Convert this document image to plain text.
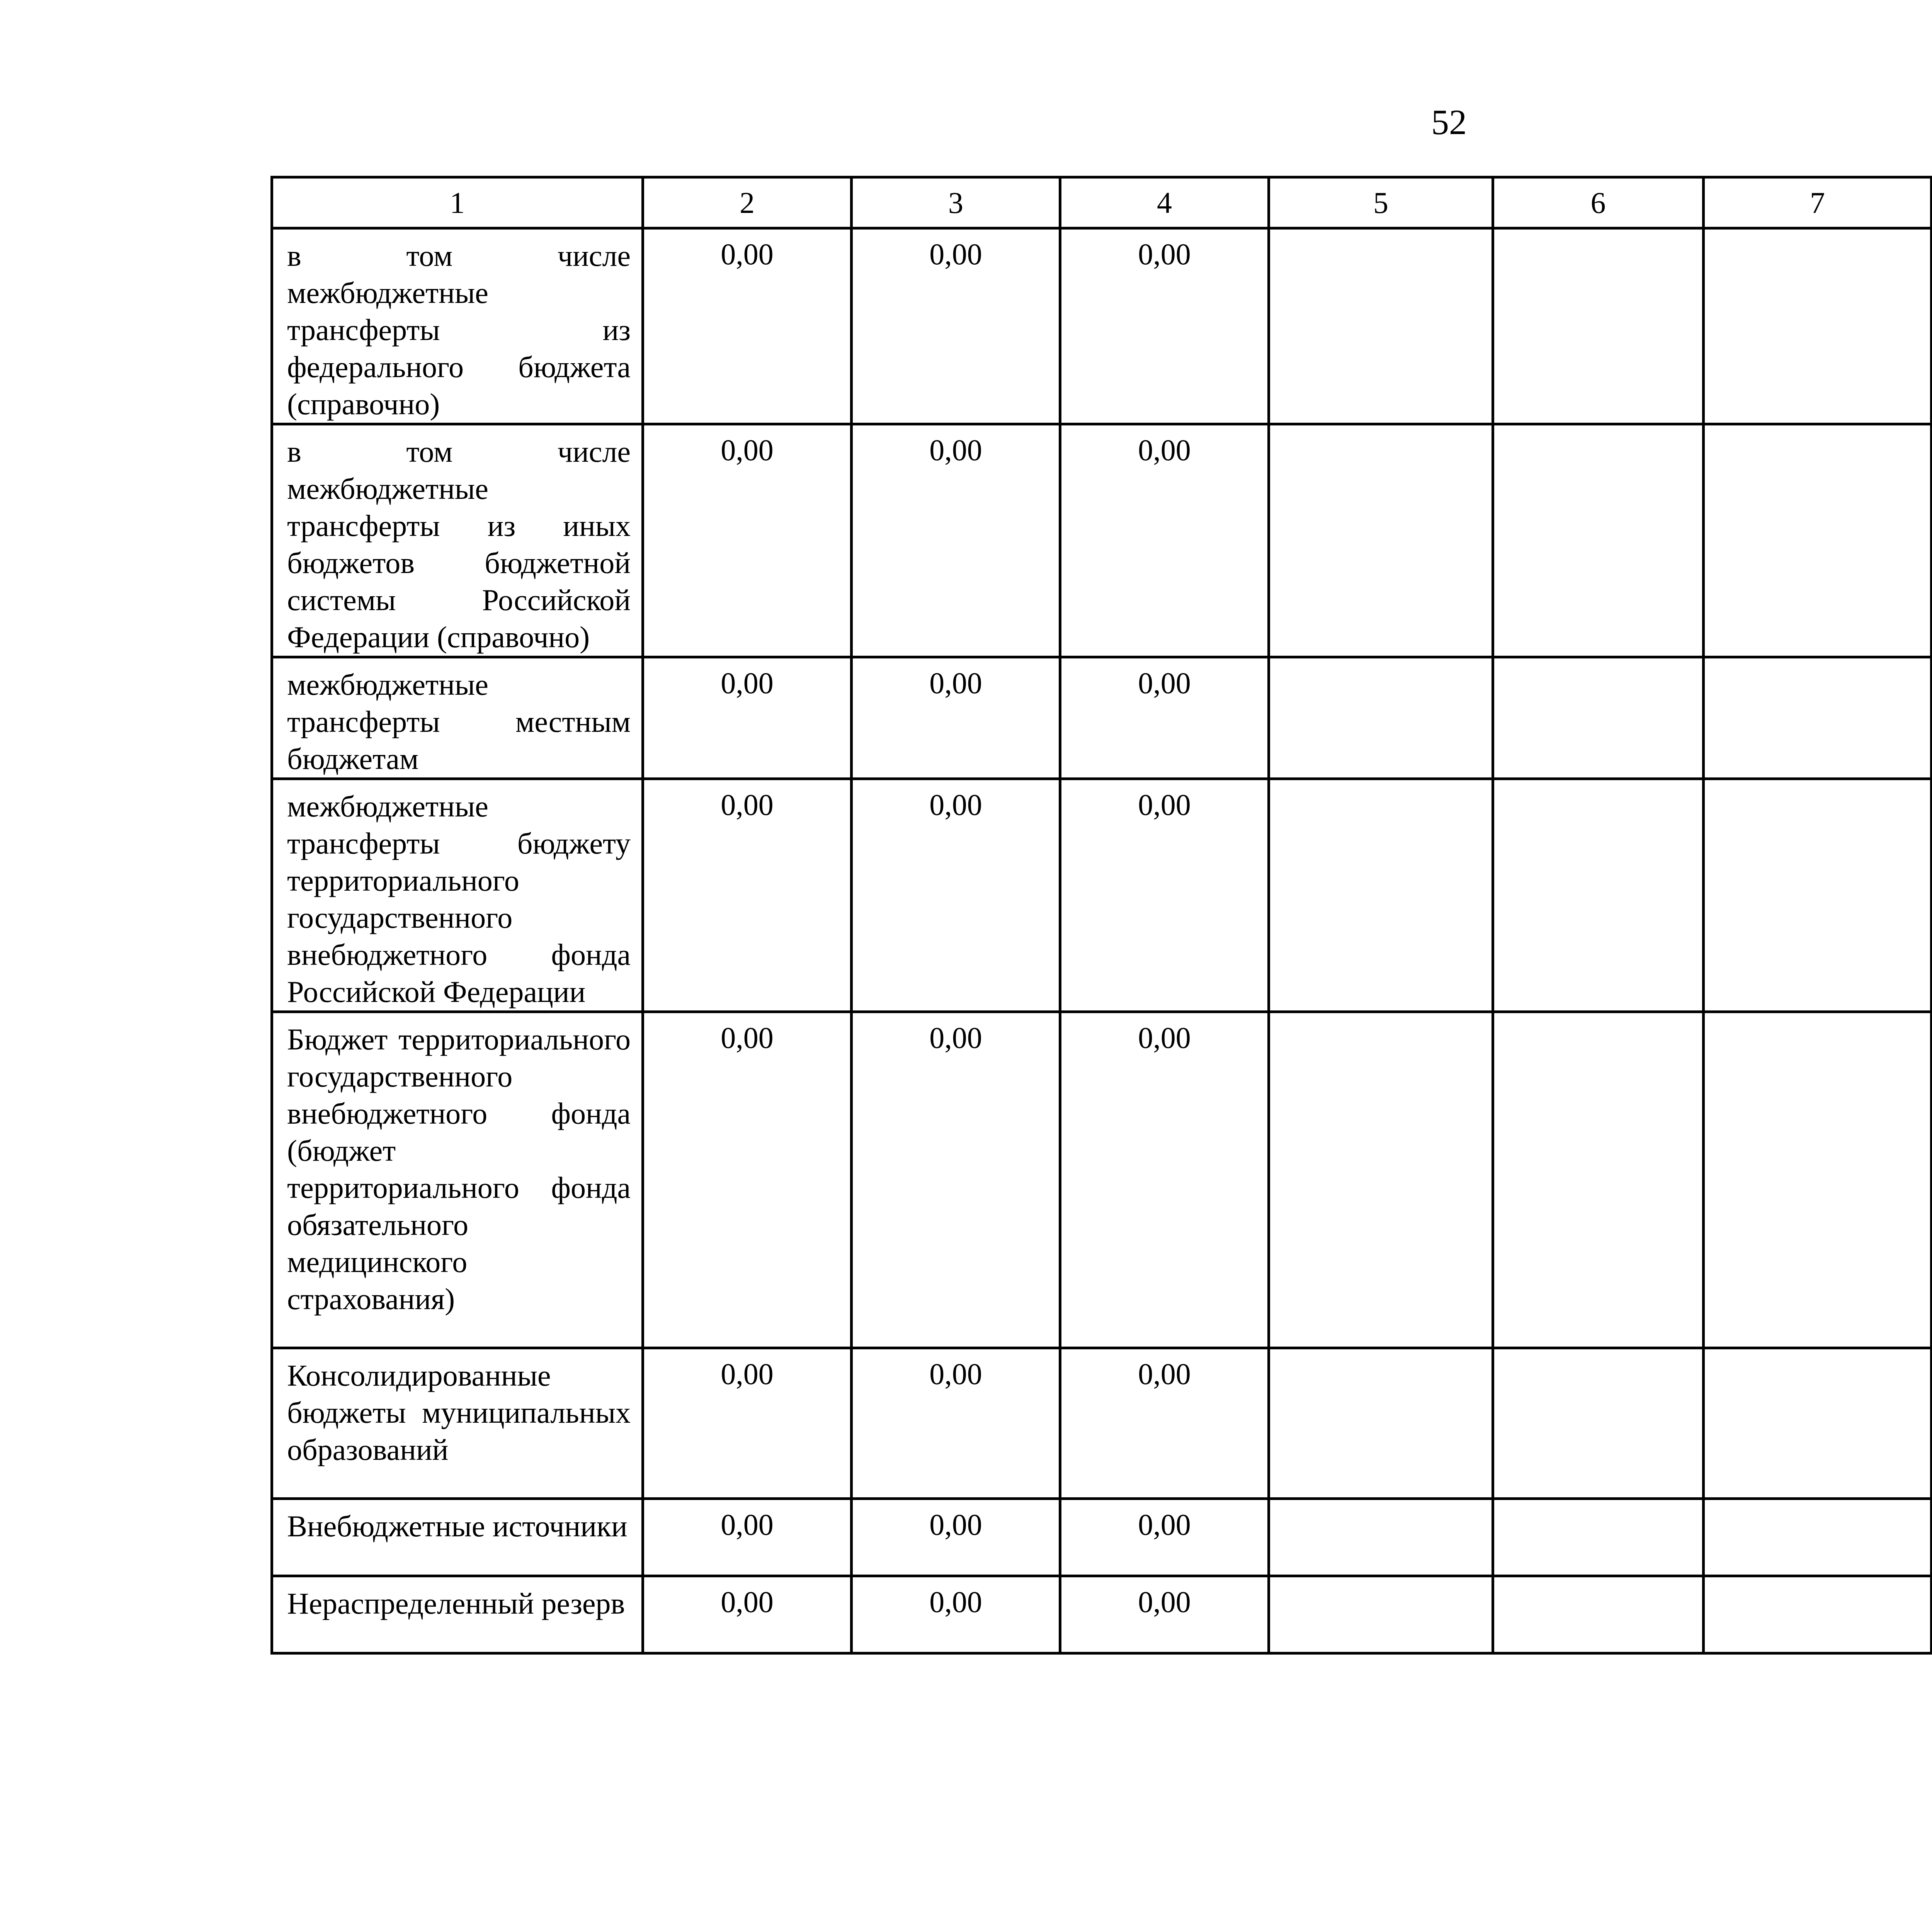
52
1	2	3	4	5	6	7		
в том числе межбюджетные трансферты из федерального бюджета (справочно)	0,00	0,00	0,00					
в том числе межбюджетные трансферты из иных бюджетов бюджетной системы Российской Федерации (справочно)	0,00	0,00	0,00					
межбюджетные трансферты местным бюджетам	0,00	0,00	0,00					
межбюджетные трансферты бюджету территориального государственного внебюджетного фонда Российской Федерации	0,00	0,00	0,00					
Бюджет территориального государственного внебюджетного фонда (бюджет территориального фонда обязательного медицинского страхования)	0,00	0,00	0,00					
Консолидированные бюджеты муниципальных образований	0,00	0,00	0,00					
Внебюджетные источники	0,00	0,00	0,00					
Нераспределенный резерв	0,00	0,00	0,00					
